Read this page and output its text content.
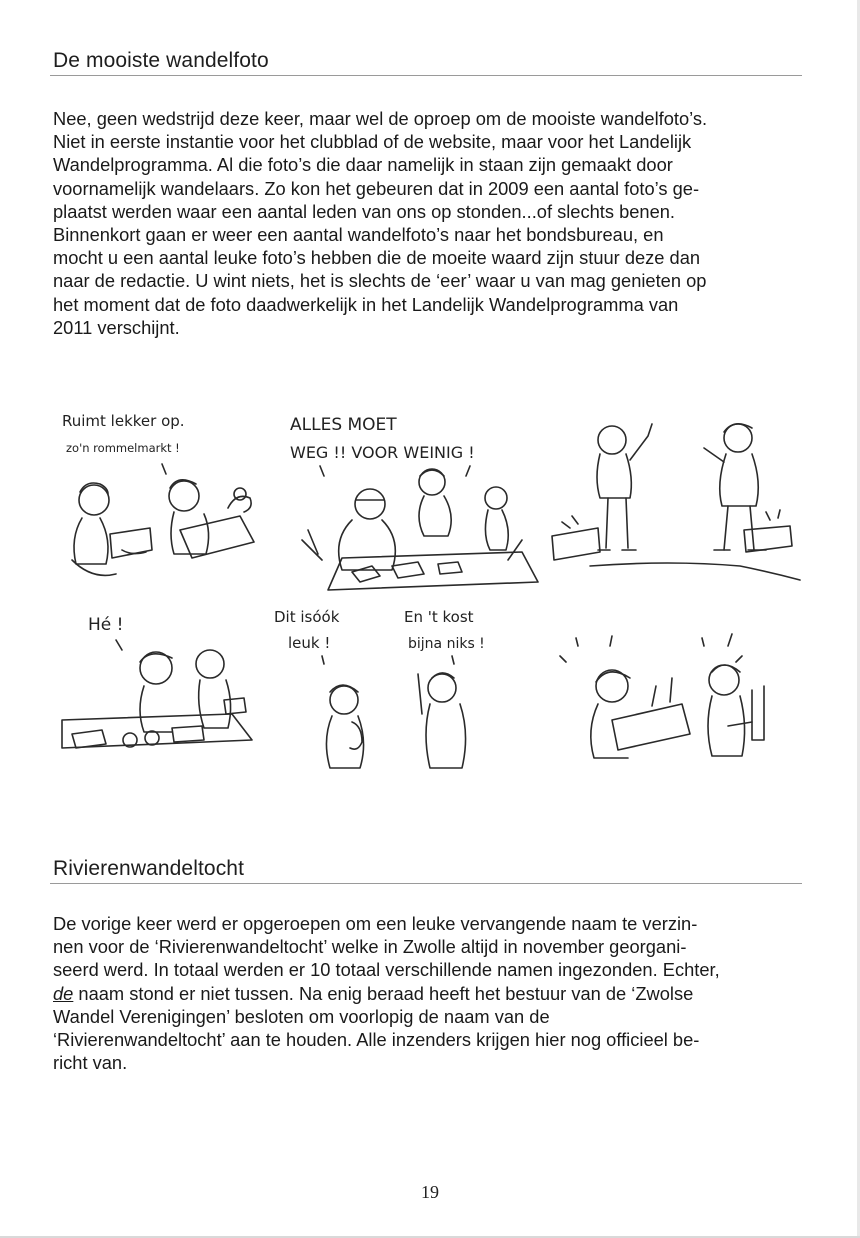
De mooiste wandelfoto

Nee, geen wedstrijd deze keer, maar wel de oproep om de mooiste wandelfoto’s.
Niet in eerste instantie voor het clubblad of de website, maar voor het Landelijk
Wandelprogramma. Al die foto’s die daar namelijk in staan zijn gemaakt door
voornamelijk wandelaars. Zo kon het gebeuren dat in 2009 een aantal foto’s ge-
plaatst werden waar een aantal leden van ons op stonden...of slechts benen.
Binnenkort gaan er weer een aantal wandelfoto’s naar het bondsbureau, en
mocht u een aantal leuke foto’s hebben die de moeite waard zijn stuur deze dan
naar de redactie. U wint niets, het is slechts de ‘eer’ waar u van mag genieten op
het moment dat de foto daadwerkelijk in het Landelijk Wandelprogramma van
2011 verschijnt.

Ruimt lekker op.
zo'n rommelmarkt !
ALLES MOET
WEG !! VOOR WEINIG !
Hé !	Dit isóók
leuk !
En 't kost
bijna niks !
Rivierenwandeltocht

De vorige keer werd er opgeroepen om een leuke vervangende naam te verzin-
nen voor de ‘Rivierenwandeltocht’ welke in Zwolle altijd in november georgani-
seerd werd. In totaal werden er 10 totaal verschillende namen ingezonden. Echter,
de naam stond er niet tussen. Na enig beraad heeft het bestuur van de ‘Zwolse
Wandel Verenigingen’ besloten om voorlopig de naam van de
‘Rivierenwandeltocht’ aan te houden. Alle inzenders krijgen hier nog officieel be-
richt van.

19
